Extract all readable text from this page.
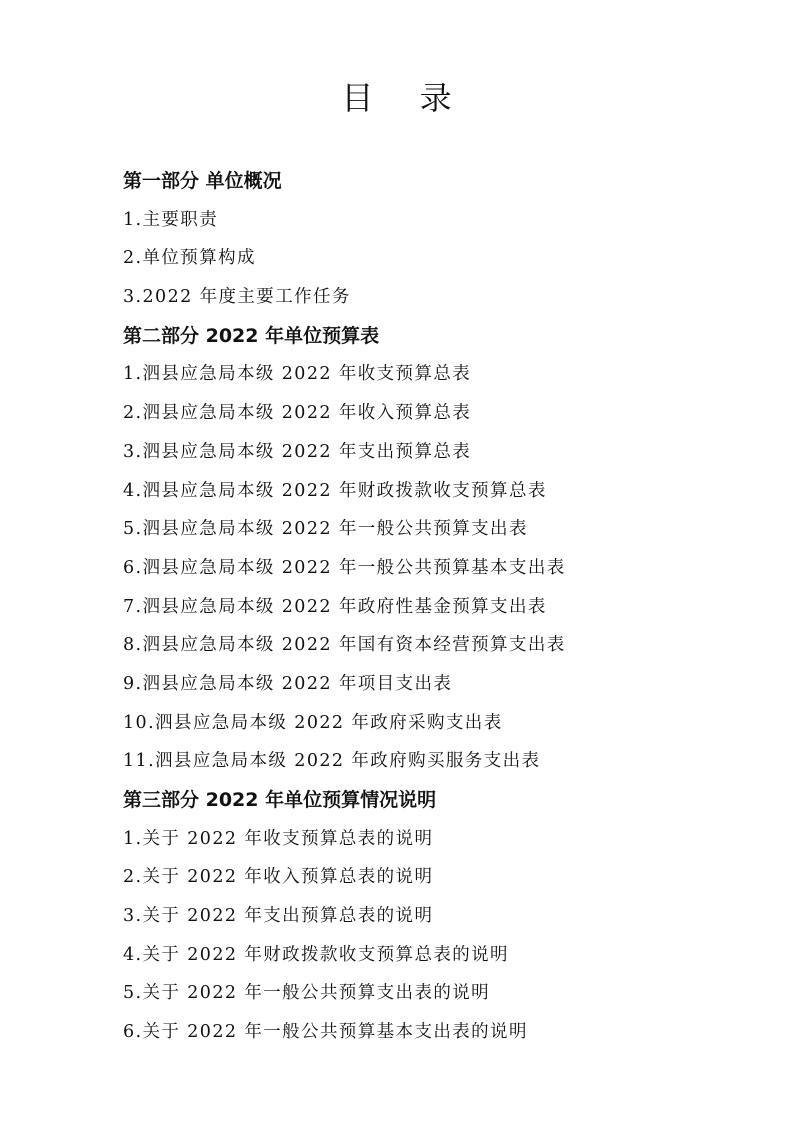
目 录
第一部分 单位概况
1.主要职责
2.单位预算构成
3.2022 年度主要工作任务
第二部分 2022 年单位预算表
1.泗县应急局本级 2022 年收支预算总表
2.泗县应急局本级 2022 年收入预算总表
3.泗县应急局本级 2022 年支出预算总表
4.泗县应急局本级 2022 年财政拨款收支预算总表
5.泗县应急局本级 2022 年一般公共预算支出表
6.泗县应急局本级 2022 年一般公共预算基本支出表
7.泗县应急局本级 2022 年政府性基金预算支出表
8.泗县应急局本级 2022 年国有资本经营预算支出表
9.泗县应急局本级 2022 年项目支出表
10.泗县应急局本级 2022 年政府采购支出表
11.泗县应急局本级 2022 年政府购买服务支出表
第三部分 2022 年单位预算情况说明
1.关于 2022 年收支预算总表的说明
2.关于 2022 年收入预算总表的说明
3.关于 2022 年支出预算总表的说明
4.关于 2022 年财政拨款收支预算总表的说明
5.关于 2022 年一般公共预算支出表的说明
6.关于 2022 年一般公共预算基本支出表的说明
